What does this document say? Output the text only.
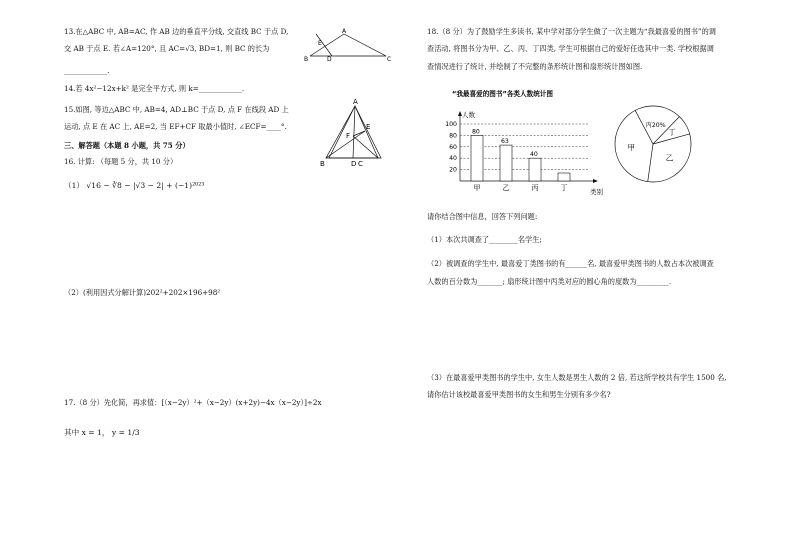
13.在△ABC 中, AB=AC, 作 AB 边的垂直平分线, 交直线 BC 于点 D,
交 AB 于点 E. 若∠A=120°, 且 AC=√3, BD=1, 则 BC 的长为
____________.
A
E
B	D	C
14.若 4x²−12x+k² 是完全平方式, 则 k=____________.
15.如图, 等边△ABC 中, AB=4, AD⊥BC 于点 D, 点 F 在线段 AD 上
运动, 点 E 在 AC 上, AE=2, 当 EF+CF 取最小值时, ∠ECF=____°.
A
E
F
B	D C
三、解答题（本题 8 小题，共 75 分）
16. 计算: （每题 5 分，共 10 分）
（1） √16 − ∛8 − |√3 − 2| + (−1)²⁰²³
（2）(利用因式分解计算)202²+202×196+98²
17.（8 分）先化简，再求值：[（x−2y）²+（x−2y）(x+2y)−4x（x−2y）]÷2x
其中 x = 1， y = 1/3
18.（8 分）为了鼓励学生多读书, 某中学对部分学生做了一次主题为“我最喜爱的图书”的调
查活动, 将图书分为甲、乙、丙、丁四类, 学生可根据自己的爱好任选其中一类. 学校根据调
查情况进行了统计, 并绘制了不完整的条形统计图和扇形统计图如图.
“我最喜爱的图书”各类人数统计图
人数
类别
20
40
60
80
100
80
甲
63
乙
40
丙	丁
丙20%
丁
乙
甲
请你结合图中信息，回答下列问题:
（1）本次共调查了________名学生;
（2）被调查的学生中, 最喜爱丁类图书的有______名, 最喜爱甲类图书的人数占本次被调查
人数的百分数为_______; 扇形统计图中丙类对应的圆心角的度数为_________.
（3）在最喜爱甲类图书的学生中, 女生人数是男生人数的 2 倍, 若这所学校共有学生 1500 名,
请你估计该校最喜爱甲类图书的女生和男生分别有多少名?
